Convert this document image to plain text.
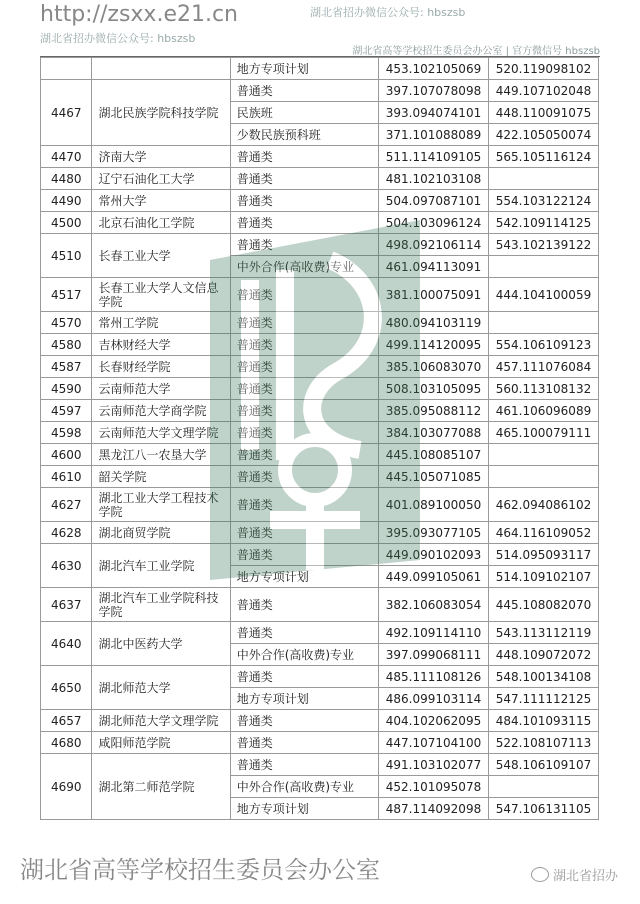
湖北省高等学校招生委员会办公室 | 官方微信号 hbszsb
		地方专项计划	453.102105069	520.119098102
4467	湖北民族学院科技学院	普通类	397.107078098	449.107102048
		民族班	393.094074101	448.110091075
		少数民族预科班	371.101088089	422.105050074
4470	济南大学	普通类	511.114109105	565.105116124
4480	辽宁石油化工大学	普通类	481.102103108	
4490	常州大学	普通类	504.097087101	554.103122124
4500	北京石油化工学院	普通类	504.103096124	542.109114125
4510	长春工业大学	普通类	498.092106114	543.102139122
		中外合作(高收费)专业	461.094113091	
4517	长春工业大学人文信息学院	普通类	381.100075091	444.104100059
4570	常州工学院	普通类	480.094103119	
4580	吉林财经大学	普通类	499.114120095	554.106109123
4587	长春财经学院	普通类	385.106083070	457.111076084
4590	云南师范大学	普通类	508.103105095	560.113108132
4597	云南师范大学商学院	普通类	385.095088112	461.106096089
4598	云南师范大学文理学院	普通类	384.103077088	465.100079111
4600	黑龙江八一农垦大学	普通类	445.108085107	
4610	韶关学院	普通类	445.105071085	
4627	湖北工业大学工程技术学院	普通类	401.089100050	462.094086102
4628	湖北商贸学院	普通类	395.093077105	464.116109052
4630	湖北汽车工业学院	普通类	449.090102093	514.095093117
		地方专项计划	449.099105061	514.109102107
4637	湖北汽车工业学院科技学院	普通类	382.106083054	445.108082070
4640	湖北中医药大学	普通类	492.109114110	543.113112119
		中外合作(高收费)专业	397.099068111	448.109072072
4650	湖北师范大学	普通类	485.111108126	548.100134108
		地方专项计划	486.099103114	547.111112125
4657	湖北师范大学文理学院	普通类	404.102062095	484.101093115
4680	咸阳师范学院	普通类	447.107104100	522.108107113
4690	湖北第二师范学院	普通类	491.103102077	548.106109107
		中外合作(高收费)专业	452.101095078	
		地方专项计划	487.114092098	547.106131105
湖北省招办微信公众号: hbszsb
湖北省高等学校招生委员会办公室
http://zsxx.e21.cn	湖北省招办微信公众号: hbszsb
湖北省招办
